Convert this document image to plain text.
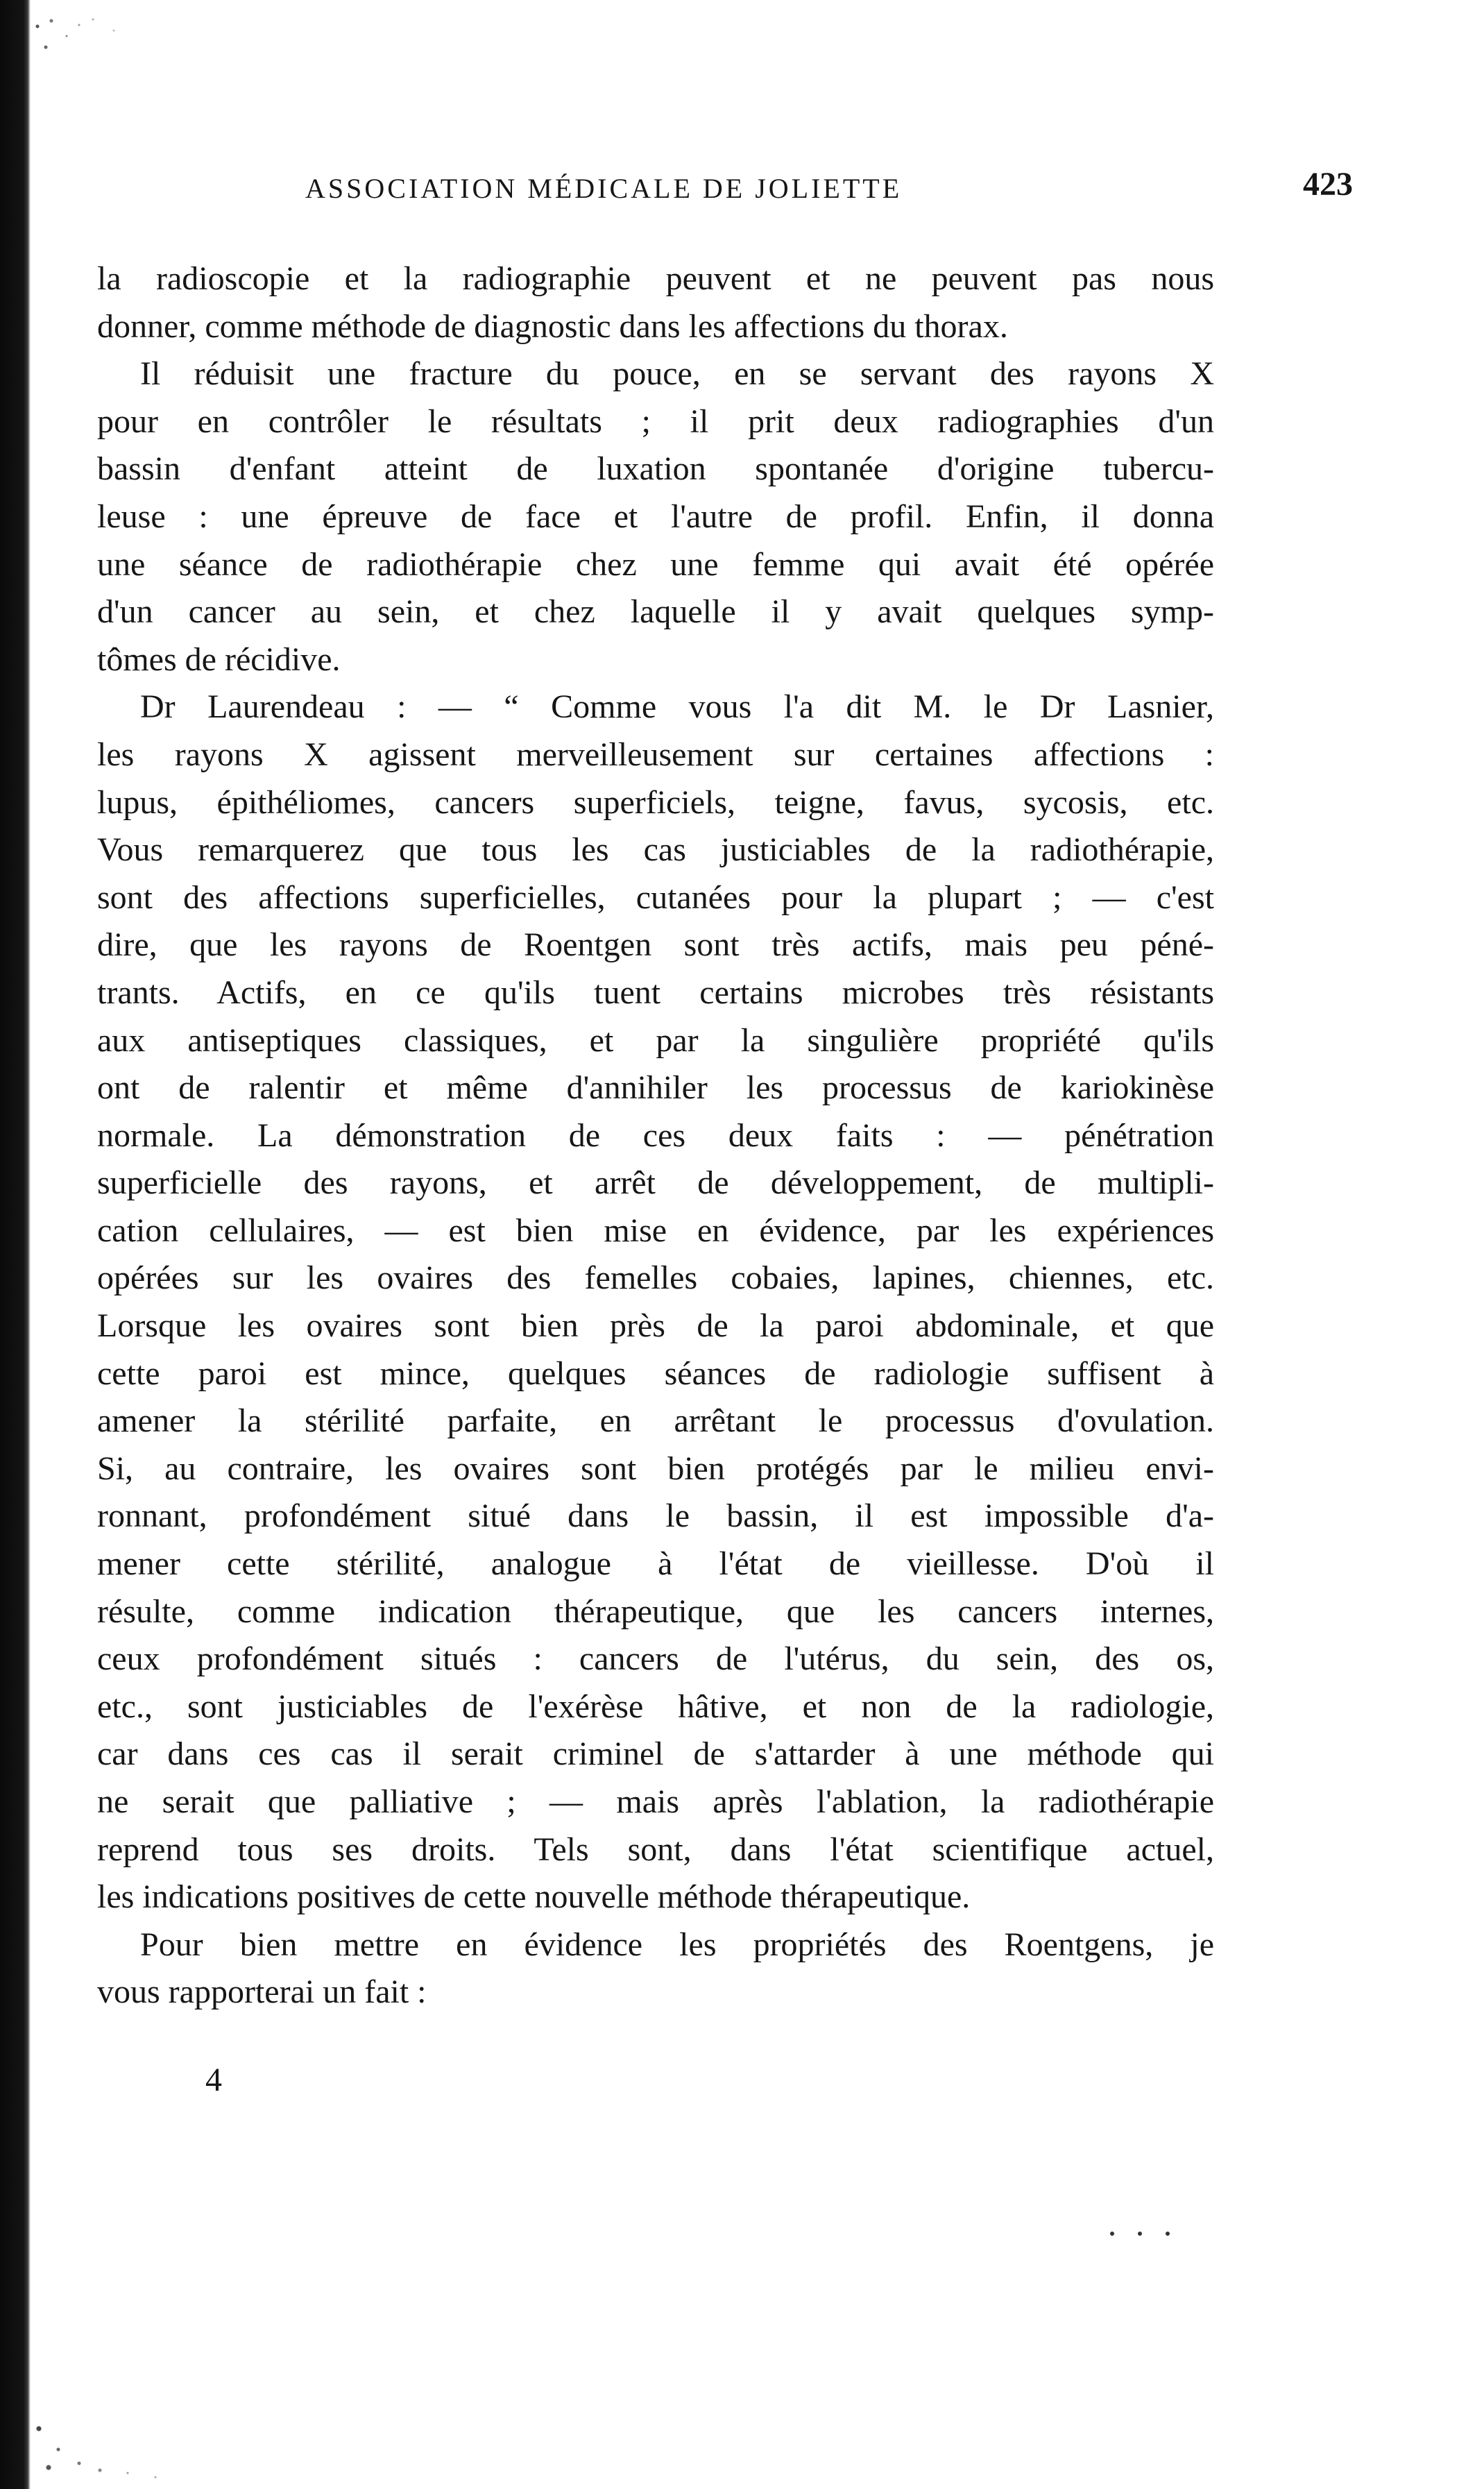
ASSOCIATION MÉDICALE DE JOLIETTE	423
la radioscopie et la radiographie peuvent et ne peuvent pas nous
donner, comme méthode de diagnostic dans les affections du thorax.
Il réduisit une fracture du pouce, en se servant des rayons X
pour en contrôler le résultats ; il prit deux radiographies d'un
bassin d'enfant atteint de luxation spontanée d'origine tubercu-
leuse : une épreuve de face et l'autre de profil. Enfin, il donna
une séance de radiothérapie chez une femme qui avait été opérée
d'un cancer au sein, et chez laquelle il y avait quelques symp-
tômes de récidive.
Dr Laurendeau : — “ Comme vous l'a dit M. le Dr Lasnier,
les rayons X agissent merveilleusement sur certaines affections :
lupus, épithéliomes, cancers superficiels, teigne, favus, sycosis, etc.
Vous remarquerez que tous les cas justiciables de la radiothérapie,
sont des affections superficielles, cutanées pour la plupart ; — c'est
dire, que les rayons de Roentgen sont très actifs, mais peu péné-
trants. Actifs, en ce qu'ils tuent certains microbes très résistants
aux antiseptiques classiques, et par la singulière propriété qu'ils
ont de ralentir et même d'annihiler les processus de kariokinèse
normale. La démonstration de ces deux faits : — pénétration
superficielle des rayons, et arrêt de développement, de multipli-
cation cellulaires, — est bien mise en évidence, par les expériences
opérées sur les ovaires des femelles cobaies, lapines, chiennes, etc.
Lorsque les ovaires sont bien près de la paroi abdominale, et que
cette paroi est mince, quelques séances de radiologie suffisent à
amener la stérilité parfaite, en arrêtant le processus d'ovulation.
Si, au contraire, les ovaires sont bien protégés par le milieu envi-
ronnant, profondément situé dans le bassin, il est impossible d'a-
mener cette stérilité, analogue à l'état de vieillesse. D'où il
résulte, comme indication thérapeutique, que les cancers internes,
ceux profondément situés : cancers de l'utérus, du sein, des os,
etc., sont justiciables de l'exérèse hâtive, et non de la radiologie,
car dans ces cas il serait criminel de s'attarder à une méthode qui
ne serait que palliative ; — mais après l'ablation, la radiothérapie
reprend tous ses droits. Tels sont, dans l'état scientifique actuel,
les indications positives de cette nouvelle méthode thérapeutique.
Pour bien mettre en évidence les propriétés des Roentgens, je
vous rapporterai un fait :
4
